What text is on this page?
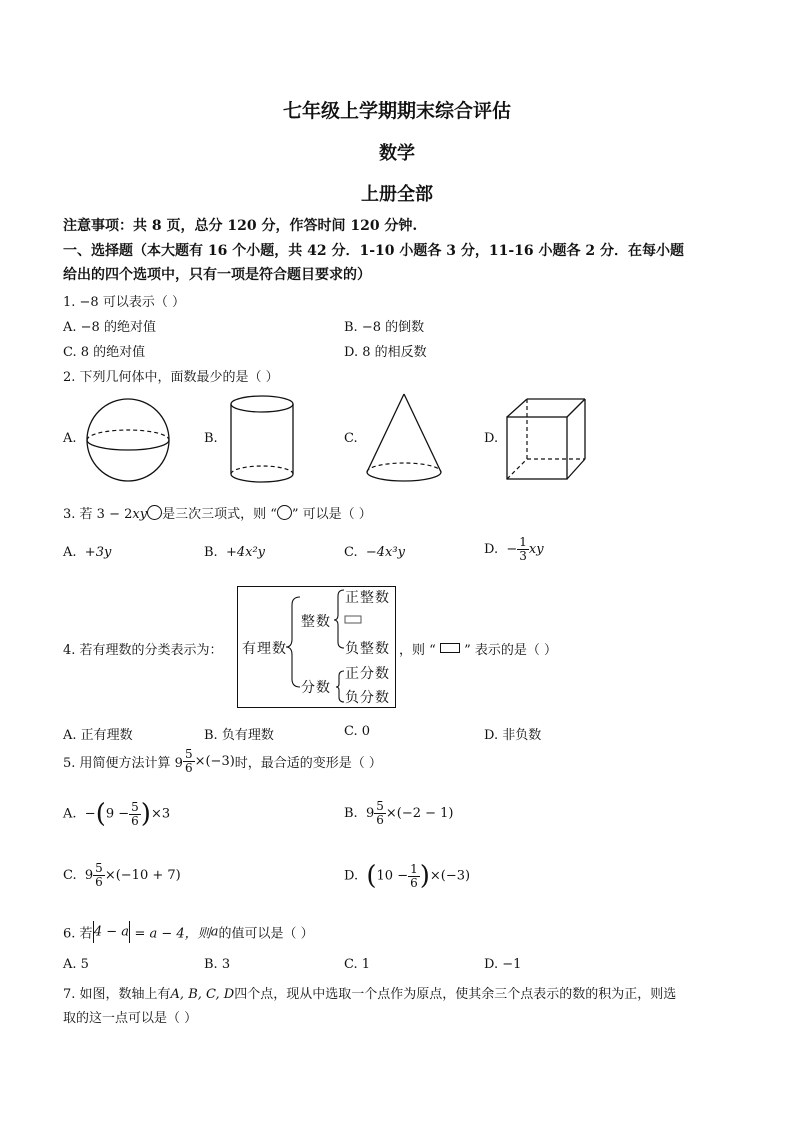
七年级上学期期末综合评估
数学
上册全部
注意事项：共 8 页，总分 120 分，作答时间 120 分钟.
一、选择题（本大题有 16 个小题，共 42 分．1-10 小题各 3 分，11-16 小题各 2 分．在每小题
给出的四个选项中，只有一项是符合题目要求的）
1. −8 可以表示（ ）
A. −8 的绝对值	B. −8 的倒数
C. 8 的绝对值	D. 8 的相反数
2. 下列几何体中，面数最少的是（ ）
A.	B.	C.	D.
3. 若 3 − 2xy 是三次三项式，则 “ ” 可以是（ ）
A. +3y	B. +4x²y	C. −4x³y	D. − $\frac{1}{3}$ xy
4. 若有理数的分类表示为：	，则 “ ” 表示的是（ ）
有理数
整数
正整数
负整数
分数
正分数
负分数
A. 正有理数	B. 负有理数	C. 0	D. 非负数
5. 用简便方法计算 $9 \frac{5}{6} \times(-3)$时，最合适的变形是（ ）
A. $-(9 - \frac{5}{6} )\times 3$	B. $9 \frac{5}{6} \times(-2 - 1)$
C. $9 \frac{5}{6} \times(-10 + 7)$	D. $(10 - \frac{1}{6} )\times(-3)$
6. 若4 − a = a − 4，则a的值可以是（ ）
A. 5	B. 3	C. 1	D. −1
7. 如图，数轴上有A, B, C, D四个点，现从中选取一个点作为原点，使其余三个点表示的数的积为正，则选
取的这一点可以是（ ）
